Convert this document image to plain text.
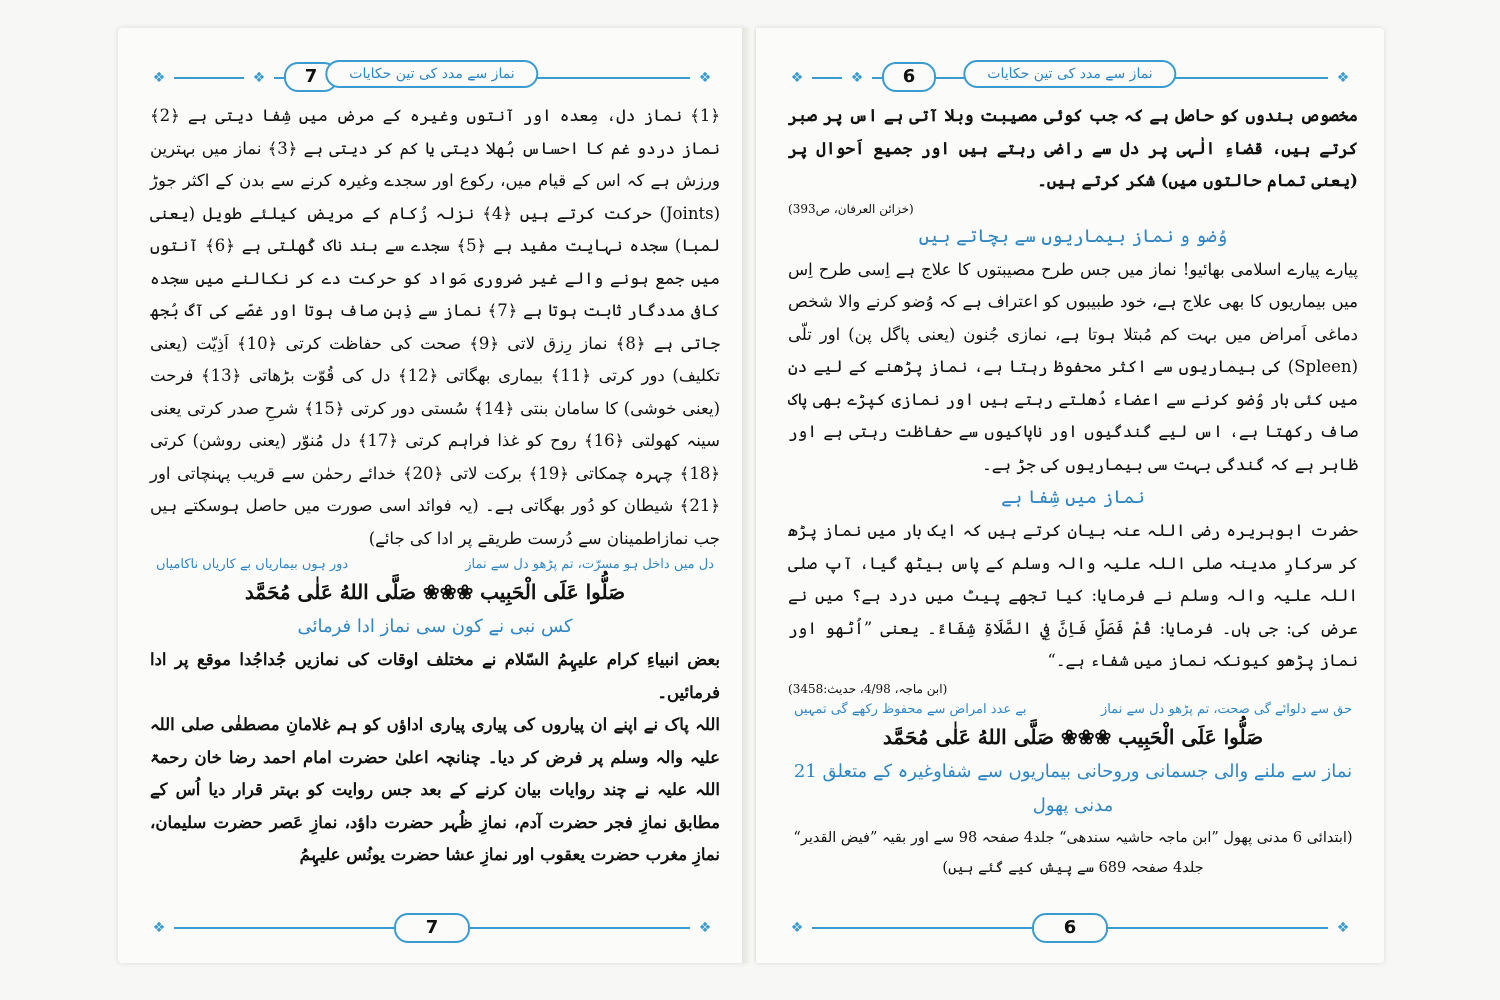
❖	❖	❖
7	نماز سے مدد کی تین حکایات

﴿1﴾ نماز دل، مِعدہ اور آنتوں وغیرہ کے مرض میں شِفا دیتی ہے ﴿2﴾ نماز دردو غم کا احساس بُھلا دیتی یا کم کر دیتی ہے ﴿3﴾ نماز میں بہترین ورزش ہے کہ اس کے قیام میں، رکوع اور سجدے وغیرہ کرنے سے بدن کے اکثر جوڑ (Joints) حرکت کرتے ہیں ﴿4﴾ نزلہ زُکام کے مریض کیلئے طویل (یعنی لمبا) سجدہ نہایت مفید ہے ﴿5﴾ سجدے سے بند ناک کُھلتی ہے ﴿6﴾ آنتوں میں جمع ہونے والے غیر ضروری مَواد کو حرکت دے کر نکالنے میں سجدہ کافی مددگار ثابت ہوتا ہے ﴿7﴾ نماز سے ذِہن صاف ہوتا اور غصّے کی آگ بُجھ جاتی ہے ﴿8﴾ نماز رِزق لاتی ﴿9﴾ صحت کی حفاظت کرتی ﴿10﴾ اَذِیّت (یعنی تکلیف) دور کرتی ﴿11﴾ بیماری بھگاتی ﴿12﴾ دل کی قُوّت بڑھاتی ﴿13﴾ فرحت (یعنی خوشی) کا سامان بنتی ﴿14﴾ سُستی دور کرتی ﴿15﴾ شرحِ صدر کرتی یعنی سینہ کھولتی ﴿16﴾ روح کو غذا فراہم کرتی ﴿17﴾ دل مُنوّر (یعنی روشن) کرتی ﴿18﴾ چہرہ چمکاتی ﴿19﴾ برکت لاتی ﴿20﴾ خدائے رحمٰن سے قریب پہنچاتی اور ﴿21﴾ شیطان کو دُور بھگاتی ہے۔ (یہ فوائد اسی صورت میں حاصل ہوسکتے ہیں جب نمازاطمینان سے دُرست طریقے پر ادا کی جائے)

دل میں داخل ہو مسرّت، تم پڑھو دل سے نماز
دور ہوں بیماریاں بے کاریاں ناکامیاں

صَلُّوا عَلَى الْحَبِيب ❀❀❀ صَلَّى اللهُ عَلٰى مُحَمَّد

کس نبی نے کون سی نماز ادا فرمائی

بعض انبیاءِ کرام علیہِمُ السّلام نے مختلف اوقات کی نمازیں جُداجُدا موقع پر ادا فرمائیں۔

اللہ پاک نے اپنے ان پیاروں کی پیاری پیاری اداؤں کو ہم غلامانِ مصطفٰی صلی اللہ علیہ والہ وسلم پر فرض کر دیا۔ چنانچہ اعلیٰ حضرت امام احمد رضا خان رحمۃ اللہ علیہ نے چند روایات بیان کرنے کے بعد جس روایت کو بہتر قرار دیا اُس کے مطابق نمازِ فجر حضرت آدم، نمازِ ظُہر حضرت داؤد، نمازِ عَصر حضرت سلیمان، نمازِ مغرب حضرت یعقوب اور نمازِ عشا حضرت یونُس علیہِمُ

❖	❖
7
❖	❖	❖
6	نماز سے مدد کی تین حکایات

مخصوص بندوں کو حاصل ہے کہ جب کوئی مصیبت وبلا آتی ہے اس پر صبر کرتے ہیں، قضاءِ الٰہی پر دل سے راضی رہتے ہیں اور جمیع اَحوال پر (یعنی تمام حالتوں میں) شکر کرتے ہیں۔

(خزائن العرفان، ص393)

وُضو و نماز بیماریوں سے بچاتے ہیں

پیارے پیارے اسلامی بھائیو! نماز میں جس طرح مصیبتوں کا علاج ہے اِسی طرح اِس میں بیماریوں کا بھی علاج ہے، خود طبیبوں کو اعتراف ہے کہ وُضو کرنے والا شخص دماغی اَمراض میں بہت کم مُبتلا ہوتا ہے، نمازی جُنون (یعنی پاگل پن) اور تلّی (Spleen) کی بیماریوں سے اکثر محفوظ رہتا ہے، نماز پڑھنے کے لیے دن میں کئی بار وُضو کرنے سے اعضاء دُھلتے رہتے ہیں اور نمازی کپڑے بھی پاک صاف رکھتا ہے، اس لیے گندگیوں اور ناپاکیوں سے حفاظت رہتی ہے اور ظاہر ہے کہ گندگی بہت سی بیماریوں کی جڑ ہے۔

نماز میں شِفا ہے

حضرت ابوہریرہ رضی اللہ عنہ بیان کرتے ہیں کہ ایک بار میں نماز پڑھ کر سرکارِ مدینہ صلی اللہ علیہ والہ وسلم کے پاس بیٹھ گیا، آپ صلی اللہ علیہ والہ وسلم نے فرمایا: کیا تجھے پیٹ میں درد ہے؟ میں نے عرض کی: جی ہاں۔ فرمایا: قُمْ فَصَلِّ فَاِنَّ فِي الصَّلَاةِ شِفَاءً۔ یعنی ”اُٹھو اور نماز پڑھو کیونکہ نماز میں شفاء ہے۔“

(ابن ماجہ، 4/98، حدیث:3458)

حق سے دلوائے گی صحت، تم پڑھو دل سے نماز
بے عدد امراض سے محفوظ رکھے گی تمہیں

صَلُّوا عَلَى الْحَبِيب ❀❀❀ صَلَّى اللهُ عَلٰى مُحَمَّد

نماز سے ملنے والی جسمانی وروحانی بیماریوں سے شفاوغیرہ کے متعلق 21 مدنی پھول

(ابتدائی 6 مدنی پھول ”ابن ماجہ حاشیہ سندھی“ جلد4 صفحہ 98 سے اور بقیہ ”فیض القدیر“ جلد4 صفحہ 689 سے پیش کیے گئے ہیں)

❖	❖
6
